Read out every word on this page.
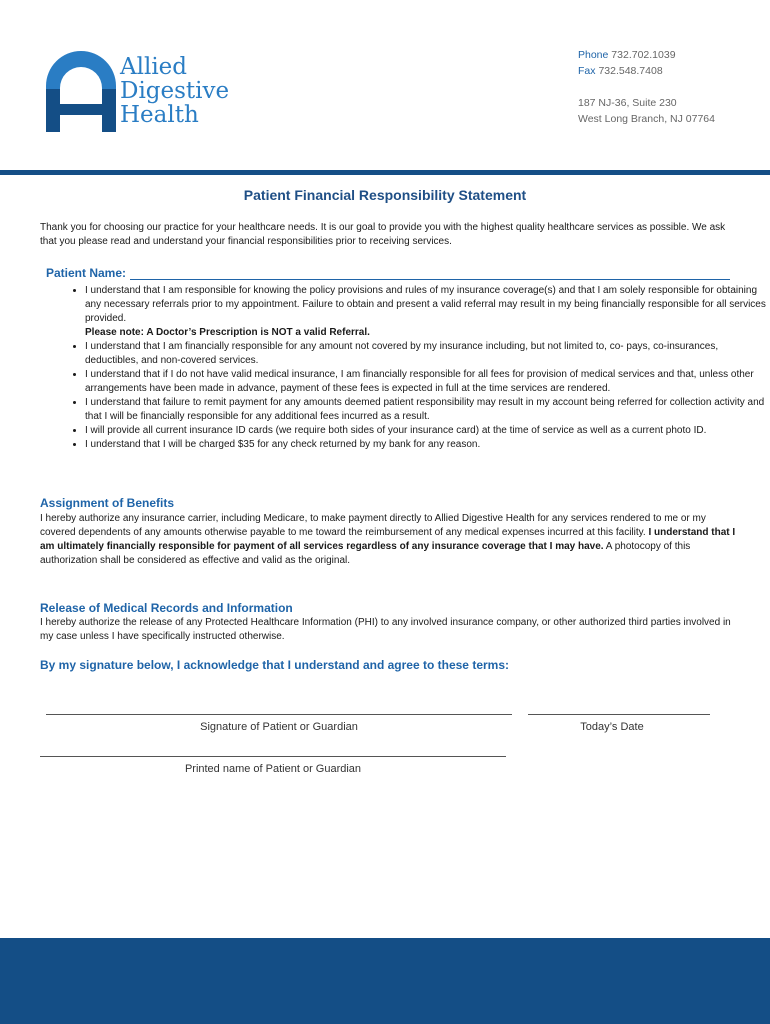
Allied
Digestive
Health
Phone 732.702.1039
Fax 732.548.7408
187 NJ-36, Suite 230
West Long Branch, NJ 07764
Patient Financial Responsibility Statement
Thank you for choosing our practice for your healthcare needs. It is our goal to provide you with the highest quality healthcare services as possible. We ask that you please read and understand your financial responsibilities prior to receiving services.
Patient Name:
• I understand that I am responsible for knowing the policy provisions and rules of my insurance coverage(s) and that I am solely responsible for obtaining any necessary referrals prior to my appointment. Failure to obtain and present a valid referral may result in my being financially responsible for all services provided.
Please note: A Doctor’s Prescription is NOT a valid Referral.
• I understand that I am financially responsible for any amount not covered by my insurance including, but not limited to, co- pays, co-insurances, deductibles, and non-covered services.
• I understand that if I do not have valid medical insurance, I am financially responsible for all fees for provision of medical services and that, unless other arrangements have been made in advance, payment of these fees is expected in full at the time services are rendered.
• I understand that failure to remit payment for any amounts deemed patient responsibility may result in my account being referred for collection activity and that I will be financially responsible for any additional fees incurred as a result.
• I will provide all current insurance ID cards (we require both sides of your insurance card) at the time of service as well as a current photo ID.
• I understand that I will be charged $35 for any check returned by my bank for any reason.
Assignment of Benefits
I hereby authorize any insurance carrier, including Medicare, to make payment directly to Allied Digestive Health for any services rendered to me or my covered dependents of any amounts otherwise payable to me toward the reimbursement of any medical expenses incurred at this facility. I understand that I am ultimately financially responsible for payment of all services regardless of any insurance coverage that I may have. A photocopy of this authorization shall be considered as effective and valid as the original.
Release of Medical Records and Information
I hereby authorize the release of any Protected Healthcare Information (PHI) to any involved insurance company, or other authorized third parties involved in my case unless I have specifically instructed otherwise.
By my signature below, I acknowledge that I understand and agree to these terms:
Signature of Patient or Guardian	Today’s Date
Printed name of Patient or Guardian
